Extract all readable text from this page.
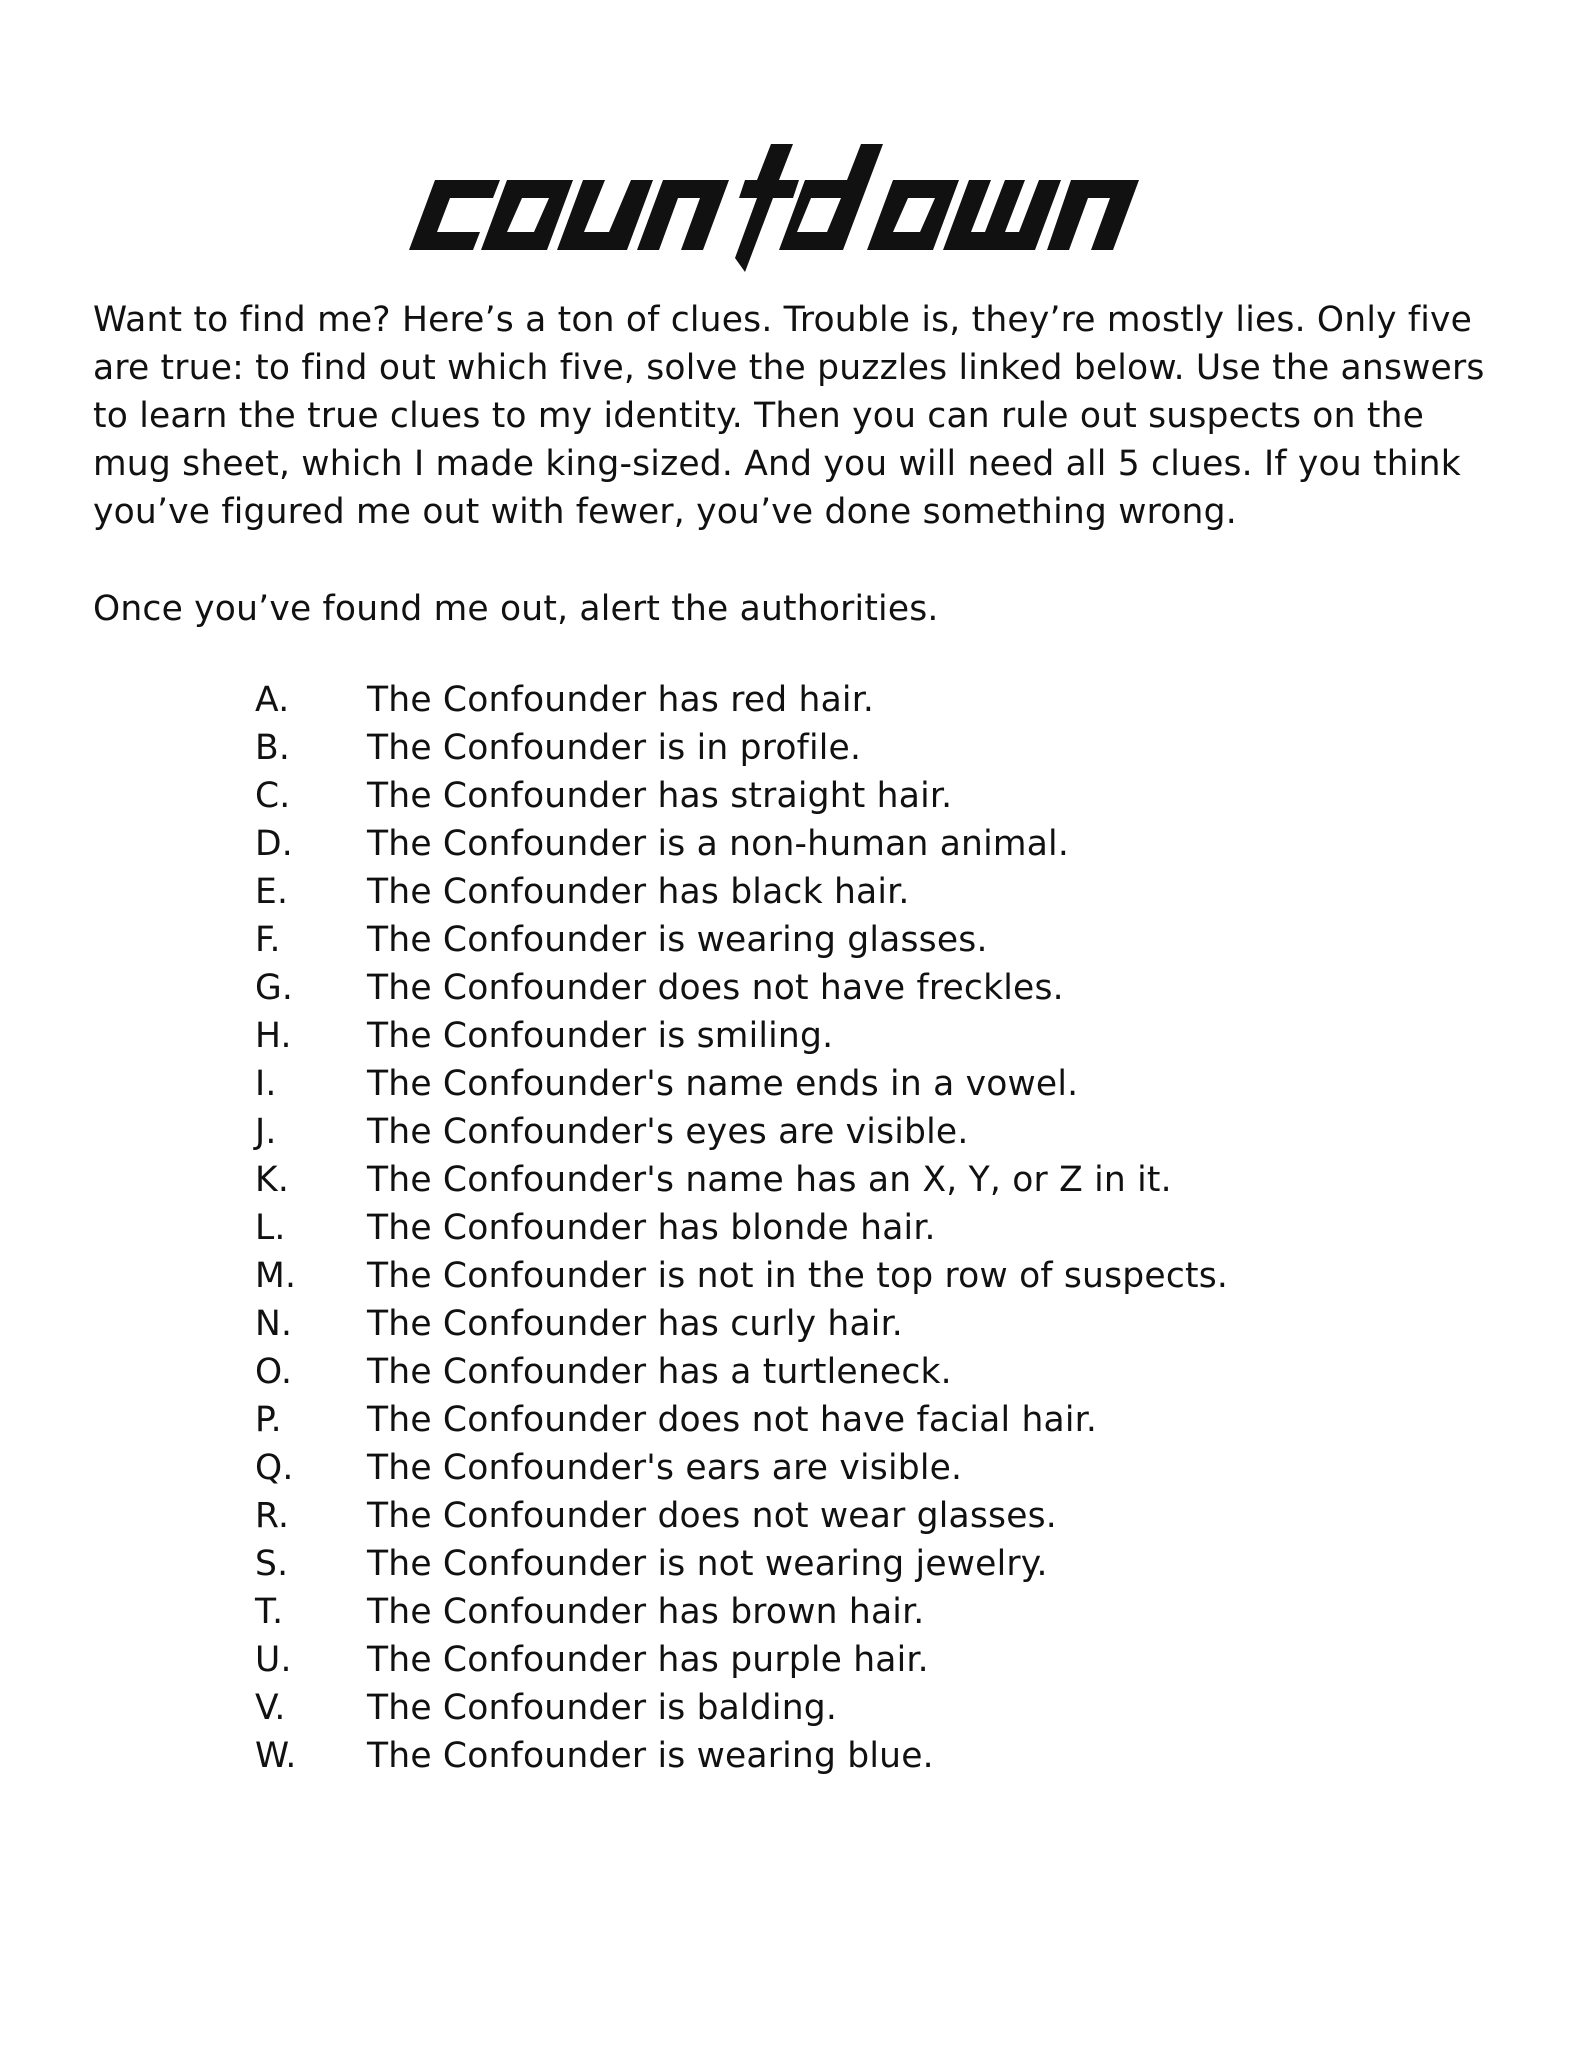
Want to find me? Here’s a ton of clues. Trouble is, they’re mostly lies. Only five are true: to find out which five, solve the puzzles linked below. Use the answers to learn the true clues to my identity. Then you can rule out suspects on the mug sheet, which I made king-sized. And you will need all 5 clues. If you think you’ve figured me out with fewer, you’ve done something wrong.

Once you’ve found me out, alert the authorities.

A.	The Confounder has red hair.
B.	The Confounder is in profile.
C.	The Confounder has straight hair.
D.	The Confounder is a non-human animal.
E.	The Confounder has black hair.
F.	The Confounder is wearing glasses.
G.	The Confounder does not have freckles.
H.	The Confounder is smiling.
I.	The Confounder's name ends in a vowel.
J.	The Confounder's eyes are visible.
K.	The Confounder's name has an X, Y, or Z in it.
L.	The Confounder has blonde hair.
M.	The Confounder is not in the top row of suspects.
N.	The Confounder has curly hair.
O.	The Confounder has a turtleneck.
P.	The Confounder does not have facial hair.
Q.	The Confounder's ears are visible.
R.	The Confounder does not wear glasses.
S.	The Confounder is not wearing jewelry.
T.	The Confounder has brown hair.
U.	The Confounder has purple hair.
V.	The Confounder is balding.
W.	The Confounder is wearing blue.
